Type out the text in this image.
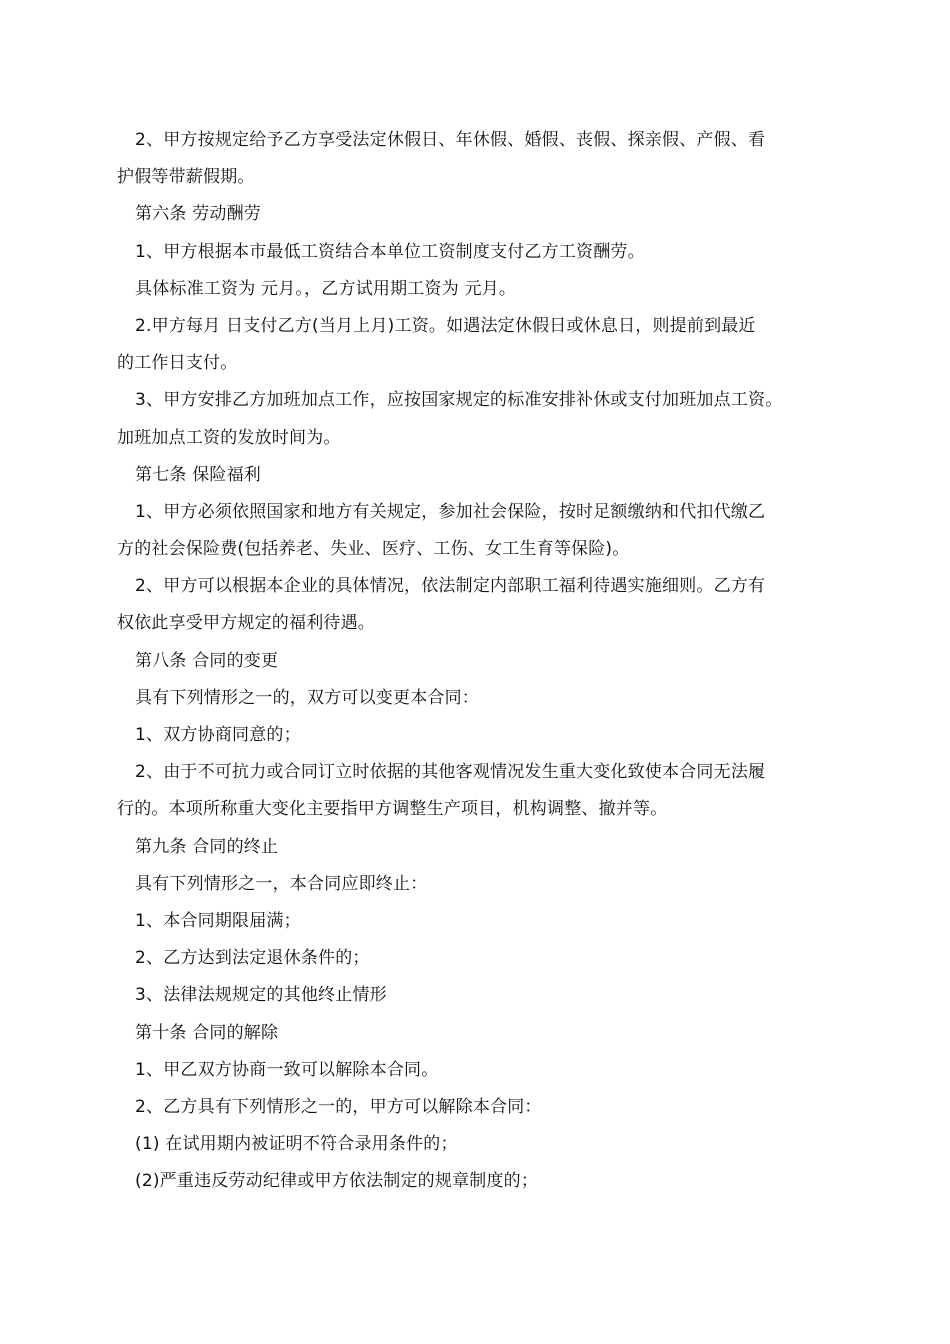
2、甲方按规定给予乙方享受法定休假日、年休假、婚假、丧假、探亲假、产假、看
护假等带薪假期。
第六条 劳动酬劳
1、甲方根据本市最低工资结合本单位工资制度支付乙方工资酬劳。
具体标准工资为 元月。，乙方试用期工资为 元月。
2.甲方每月 日支付乙方(当月上月)工资。如遇法定休假日或休息日，则提前到最近
的工作日支付。
3、甲方安排乙方加班加点工作，应按国家规定的标准安排补休或支付加班加点工资。
加班加点工资的发放时间为。
第七条 保险福利
1、甲方必须依照国家和地方有关规定，参加社会保险，按时足额缴纳和代扣代缴乙
方的社会保险费(包括养老、失业、医疗、工伤、女工生育等保险)。
2、甲方可以根据本企业的具体情况，依法制定内部职工福利待遇实施细则。乙方有
权依此享受甲方规定的福利待遇。
第八条 合同的变更
具有下列情形之一的，双方可以变更本合同：
1、双方协商同意的；
2、由于不可抗力或合同订立时依据的其他客观情况发生重大变化致使本合同无法履
行的。本项所称重大变化主要指甲方调整生产项目，机构调整、撤并等。
第九条 合同的终止
具有下列情形之一，本合同应即终止：
1、本合同期限届满；
2、乙方达到法定退休条件的；
3、法律法规规定的其他终止情形
第十条 合同的解除
1、甲乙双方协商一致可以解除本合同。
2、乙方具有下列情形之一的，甲方可以解除本合同：
(1) 在试用期内被证明不符合录用条件的；
(2)严重违反劳动纪律或甲方依法制定的规章制度的；
